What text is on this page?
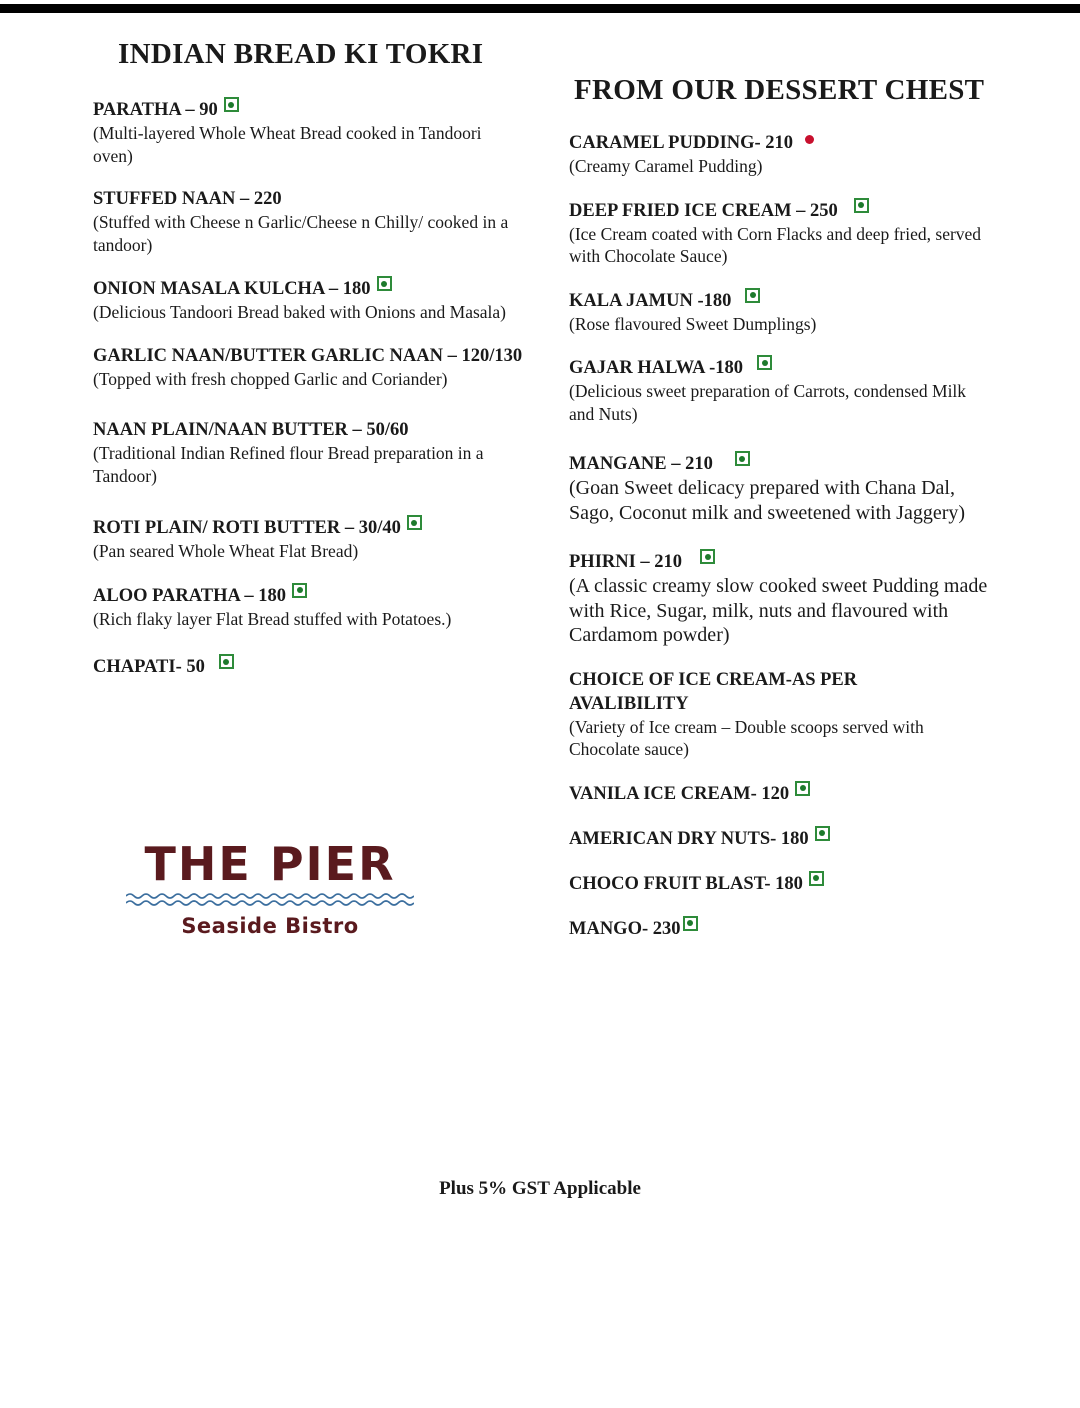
INDIAN BREAD KI TOKRI
PARATHA – 90
(Multi-layered Whole Wheat Bread cooked in Tandoori oven)
STUFFED NAAN – 220
(Stuffed with Cheese n Garlic/Cheese n Chilly/ cooked in a tandoor)
ONION MASALA KULCHA – 180
(Delicious Tandoori Bread baked with Onions and Masala)
GARLIC NAAN/BUTTER GARLIC NAAN – 120/130
(Topped with fresh chopped Garlic and Coriander)
NAAN PLAIN/NAAN BUTTER – 50/60
(Traditional Indian Refined flour Bread preparation in a Tandoor)
ROTI PLAIN/ ROTI BUTTER – 30/40
(Pan seared Whole Wheat Flat Bread)
ALOO PARATHA – 180
(Rich flaky layer Flat Bread stuffed with Potatoes.)
CHAPATI- 50
FROM OUR DESSERT CHEST
CARAMEL PUDDING- 210
(Creamy Caramel Pudding)
DEEP FRIED ICE CREAM – 250
(Ice Cream coated with Corn Flacks and deep fried, served with Chocolate Sauce)
KALA JAMUN -180
(Rose flavoured Sweet Dumplings)
GAJAR HALWA -180
(Delicious sweet preparation of Carrots, condensed Milk and Nuts)
MANGANE – 210
(Goan Sweet delicacy prepared with Chana Dal, Sago, Coconut milk and sweetened with Jaggery)
PHIRNI – 210
(A classic creamy slow cooked sweet Pudding made with Rice, Sugar, milk, nuts and flavoured with Cardamom powder)
CHOICE OF ICE CREAM-AS PER AVALIBILITY
(Variety of Ice cream – Double scoops served with Chocolate sauce)
VANILA ICE CREAM- 120
AMERICAN DRY NUTS- 180
CHOCO FRUIT BLAST- 180
MANGO- 230
THE PIER
Seaside Bistro
Plus 5% GST Applicable
